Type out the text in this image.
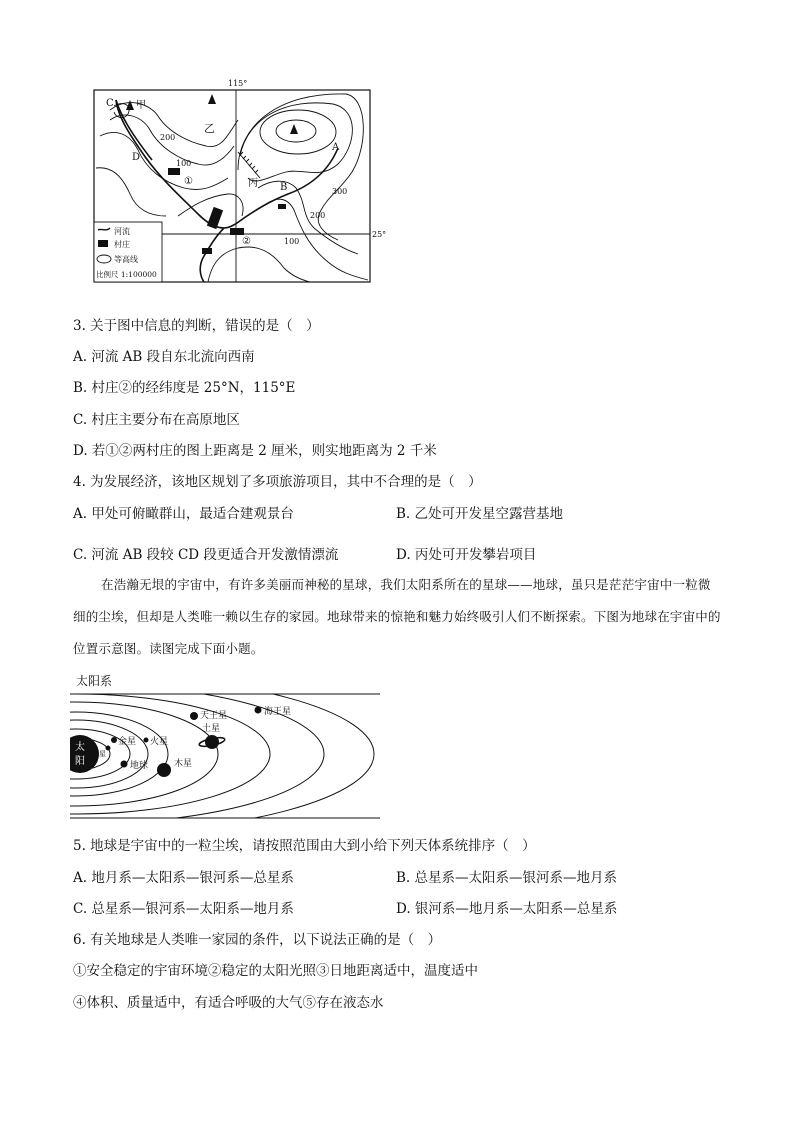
115°
25°
C 甲
乙
A
D
丙 B
①
②
200
100
300
200
100
河流
村庄
等高线
比例尺 1:100000
3. 关于图中信息的判断，错误的是（　）
A. 河流 AB 段自东北流向西南
B. 村庄②的经纬度是 25°N，115°E
C. 村庄主要分布在高原地区
D. 若①②两村庄的图上距离是 2 厘米，则实地距离为 2 千米
4. 为发展经济，该地区规划了多项旅游项目，其中不合理的是（　）
A. 甲处可俯瞰群山，最适合建观景台	B. 乙处可开发星空露营基地
C. 河流 AB 段较 CD 段更适合开发激情漂流	D. 丙处可开发攀岩项目
在浩瀚无垠的宇宙中，有许多美丽而神秘的星球，我们太阳系所在的星球——地球，虽只是茫茫宇宙中一粒微细的尘埃，但却是人类唯一赖以生存的家园。地球带来的惊艳和魅力始终吸引人们不断探索。下图为地球在宇宙中的位置示意图。读图完成下面小题。
太阳系
太阳
水星
金星
地球
火星
木星
土星
天王星	海王星
5. 地球是宇宙中的一粒尘埃，请按照范围由大到小给下列天体系统排序（　）
A. 地月系—太阳系—银河系—总星系	B. 总星系—太阳系—银河系—地月系
C. 总星系—银河系—太阳系—地月系	D. 银河系—地月系—太阳系—总星系
6. 有关地球是人类唯一家园的条件，以下说法正确的是（　）
①安全稳定的宇宙环境②稳定的太阳光照③日地距离适中，温度适中
④体积、质量适中，有适合呼吸的大气⑤存在液态水
